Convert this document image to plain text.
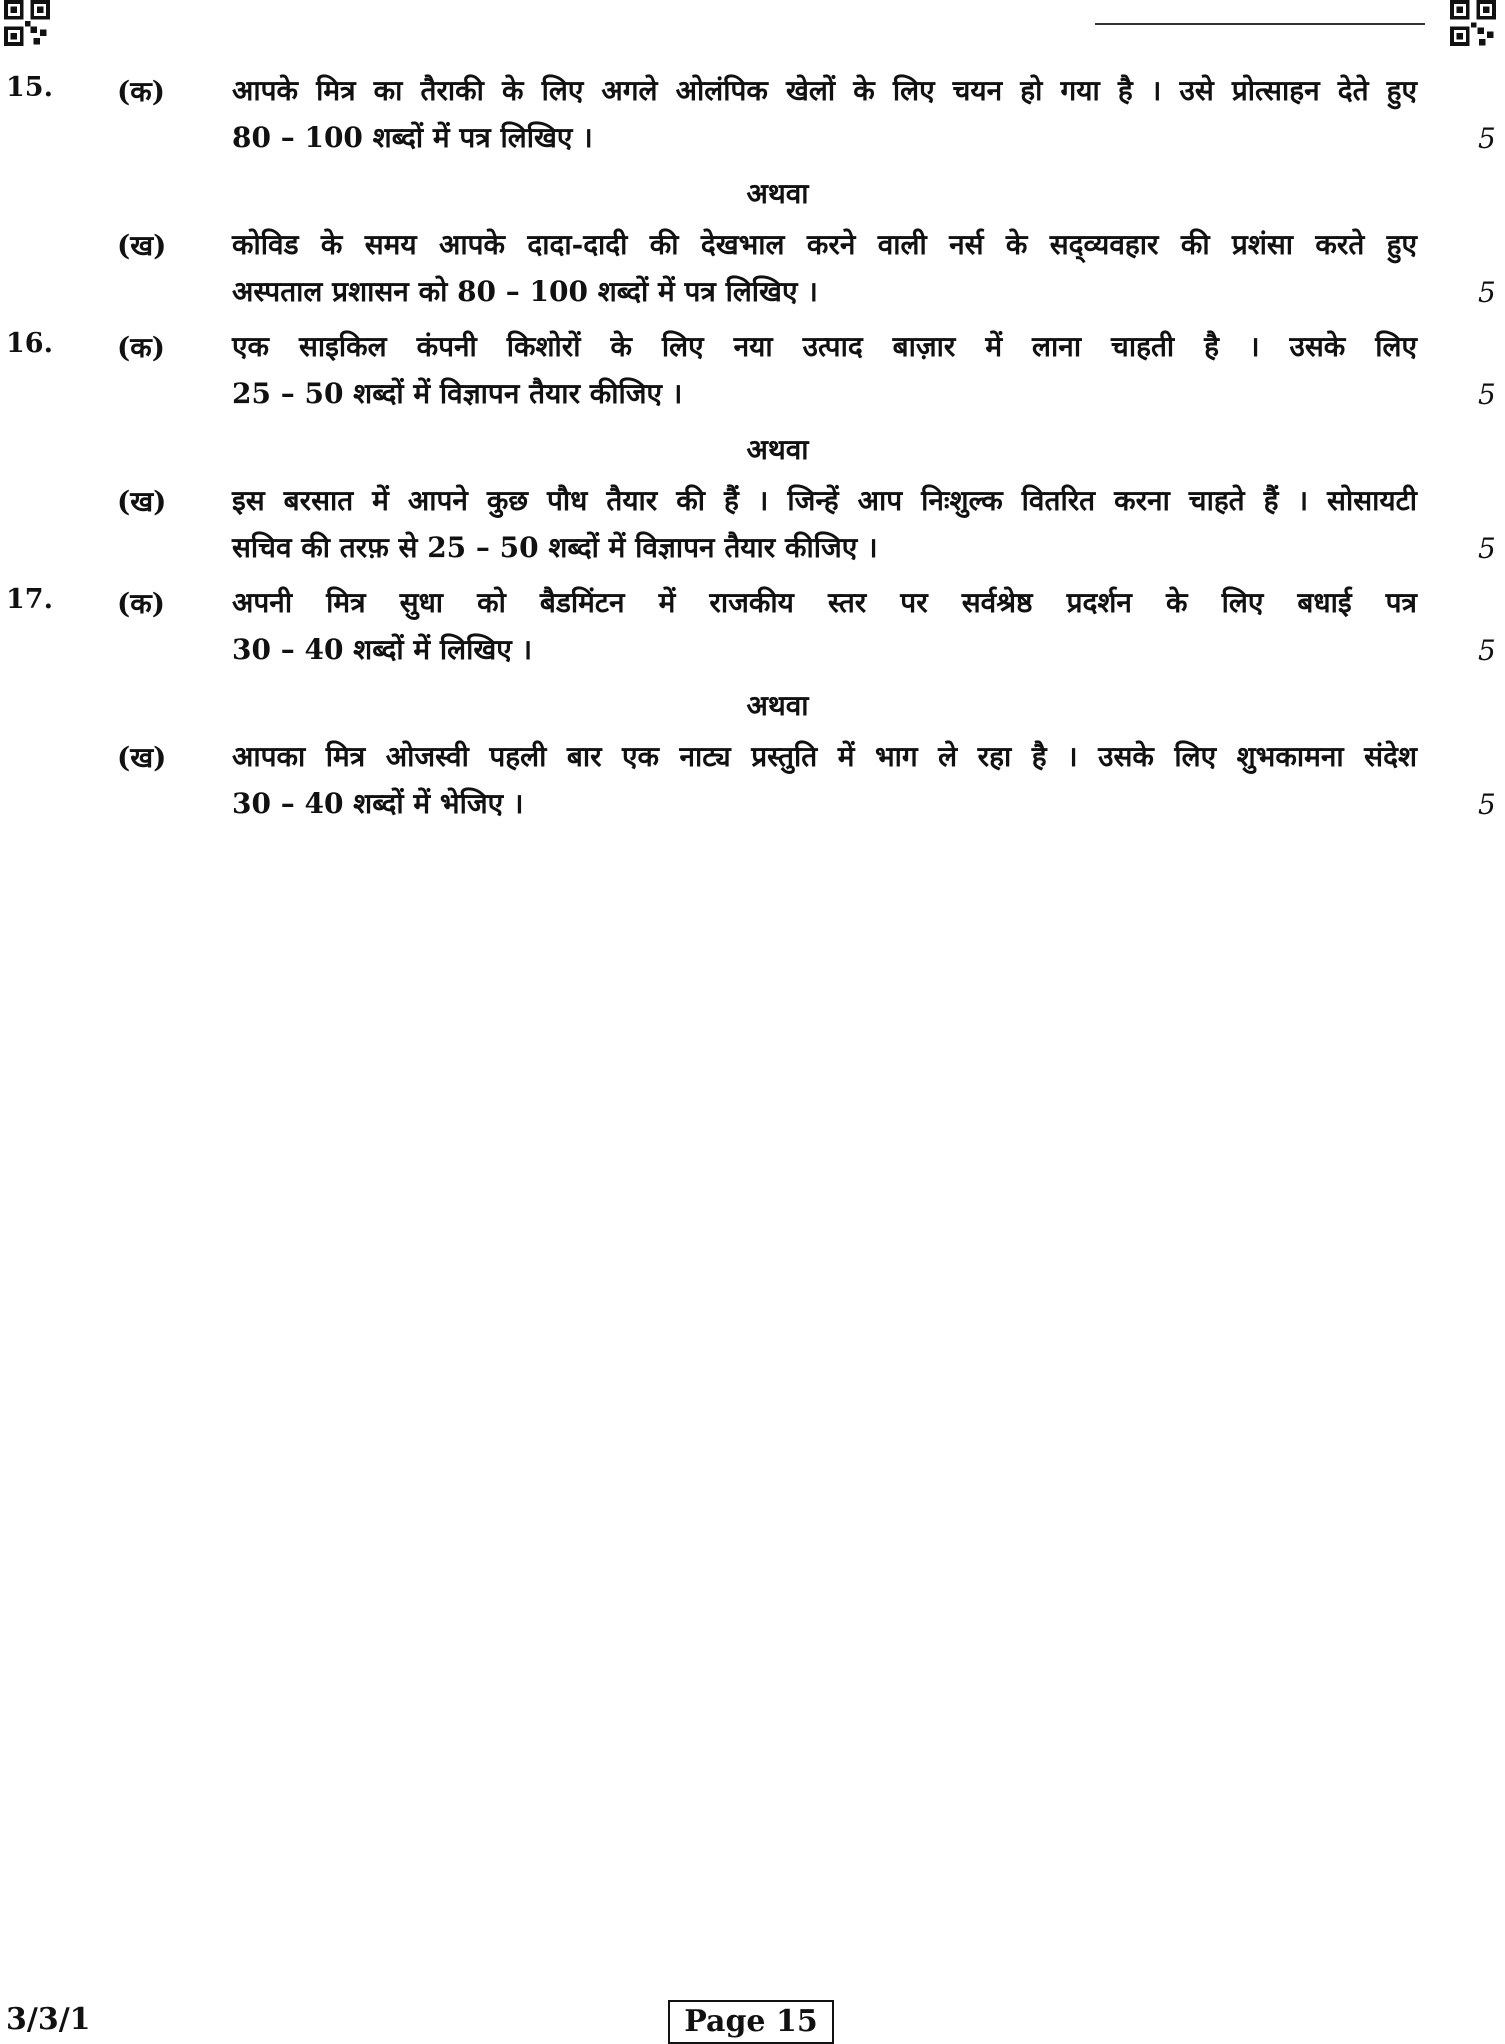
15. (क) आपके मित्र का तैराकी के लिए अगले ओलंपिक खेलों के लिए चयन हो गया है । उसे प्रोत्साहन देते हुए
80 – 100 शब्दों में पत्र लिखिए ।	5
अथवा
(ख) कोविड के समय आपके दादा-दादी की देखभाल करने वाली नर्स के सद्‌व्यवहार की प्रशंसा करते हुए
अस्पताल प्रशासन को 80 – 100 शब्दों में पत्र लिखिए ।	5
16. (क) एक साइकिल कंपनी किशोरों के लिए नया उत्पाद बाज़ार में लाना चाहती है । उसके लिए
25 – 50 शब्दों में विज्ञापन तैयार कीजिए ।	5
अथवा
(ख) इस बरसात में आपने कुछ पौध तैयार की हैं । जिन्हें आप निःशुल्क वितरित करना चाहते हैं । सोसायटी
सचिव की तरफ़ से 25 – 50 शब्दों में विज्ञापन तैयार कीजिए ।	5
17. (क) अपनी मित्र सुधा को बैडमिंटन में राजकीय स्तर पर सर्वश्रेष्ठ प्रदर्शन के लिए बधाई पत्र
30 – 40 शब्दों में लिखिए ।	5
अथवा
(ख) आपका मित्र ओजस्वी पहली बार एक नाट्य प्रस्तुति में भाग ले रहा है । उसके लिए शुभकामना संदेश
30 – 40 शब्दों में भेजिए ।	5
3/3/1	Page 15
